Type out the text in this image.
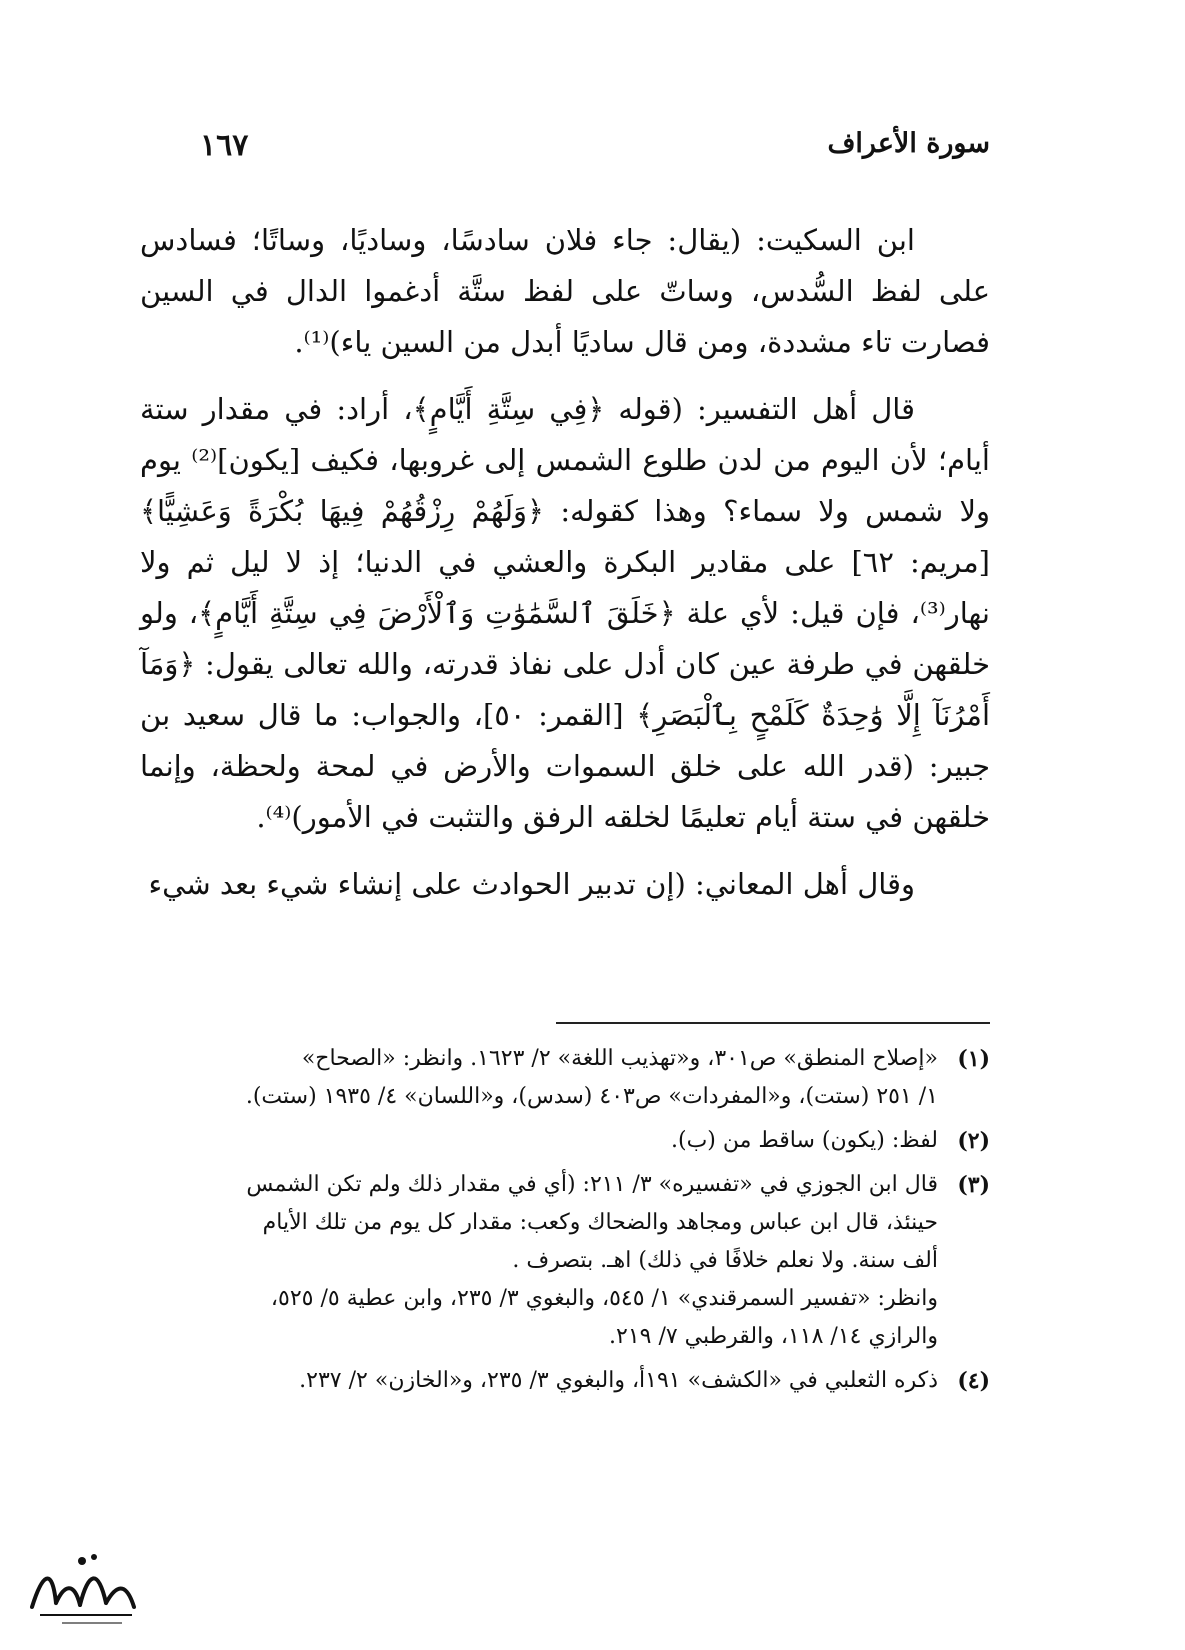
سورة الأعراف
١٦٧

ابن السكيت: (يقال: جاء فلان سادسًا، وساديًا، وساتًا؛ فسادس على لفظ السُّدس، وساتّ على لفظ ستَّة أدغموا الدال في السين فصارت تاء مشددة، ومن قال ساديًا أبدل من السين ياء)⁽¹⁾.

قال أهل التفسير: (قوله ﴿فِي سِتَّةِ أَيَّامٍ﴾، أراد: في مقدار ستة أيام؛ لأن اليوم من لدن طلوع الشمس إلى غروبها، فكيف [يكون]⁽²⁾ يوم ولا شمس ولا سماء؟ وهذا كقوله: ﴿وَلَهُمْ رِزْقُهُمْ فِيهَا بُكْرَةً وَعَشِيًّا﴾ [مريم: ٦٢] على مقادير البكرة والعشي في الدنيا؛ إذ لا ليل ثم ولا نهار⁽³⁾، فإن قيل: لأي علة ﴿خَلَقَ ٱلسَّمَٰوَٰتِ وَٱلْأَرْضَ فِي سِتَّةِ أَيَّامٍ﴾، ولو خلقهن في طرفة عين كان أدل على نفاذ قدرته، والله تعالى يقول: ﴿وَمَآ أَمْرُنَآ إِلَّا وَٰحِدَةٌ كَلَمْحٍ بِٱلْبَصَرِ﴾ [القمر: ٥٠]، والجواب: ما قال سعيد بن جبير: (قدر الله على خلق السموات والأرض في لمحة ولحظة، وإنما خلقهن في ستة أيام تعليمًا لخلقه الرفق والتثبت في الأمور)⁽⁴⁾.

وقال أهل المعاني: (إن تدبير الحوادث على إنشاء شيء بعد شيء

(١)
«إصلاح المنطق» ص٣٠١، و«تهذيب اللغة» ٢/ ١٦٢٣. وانظر: «الصحاح»
١/ ٢٥١ (ستت)، و«المفردات» ص٤٠٣ (سدس)، و«اللسان» ٤/ ١٩٣٥ (ستت).
(٢)
لفظ: (يكون) ساقط من (ب).
(٣)
قال ابن الجوزي في «تفسيره» ٣/ ٢١١: (أي في مقدار ذلك ولم تكن الشمس
حينئذ، قال ابن عباس ومجاهد والضحاك وكعب: مقدار كل يوم من تلك الأيام
ألف سنة. ولا نعلم خلافًا في ذلك) اهـ. بتصرف .
وانظر: «تفسير السمرقندي» ١/ ٥٤٥، والبغوي ٣/ ٢٣٥، وابن عطية ٥/ ٥٢٥،
والرازي ١٤/ ١١٨، والقرطبي ٧/ ٢١٩.
(٤)
ذكره الثعلبي في «الكشف» ١٩١أ، والبغوي ٣/ ٢٣٥، و«الخازن» ٢/ ٢٣٧.
